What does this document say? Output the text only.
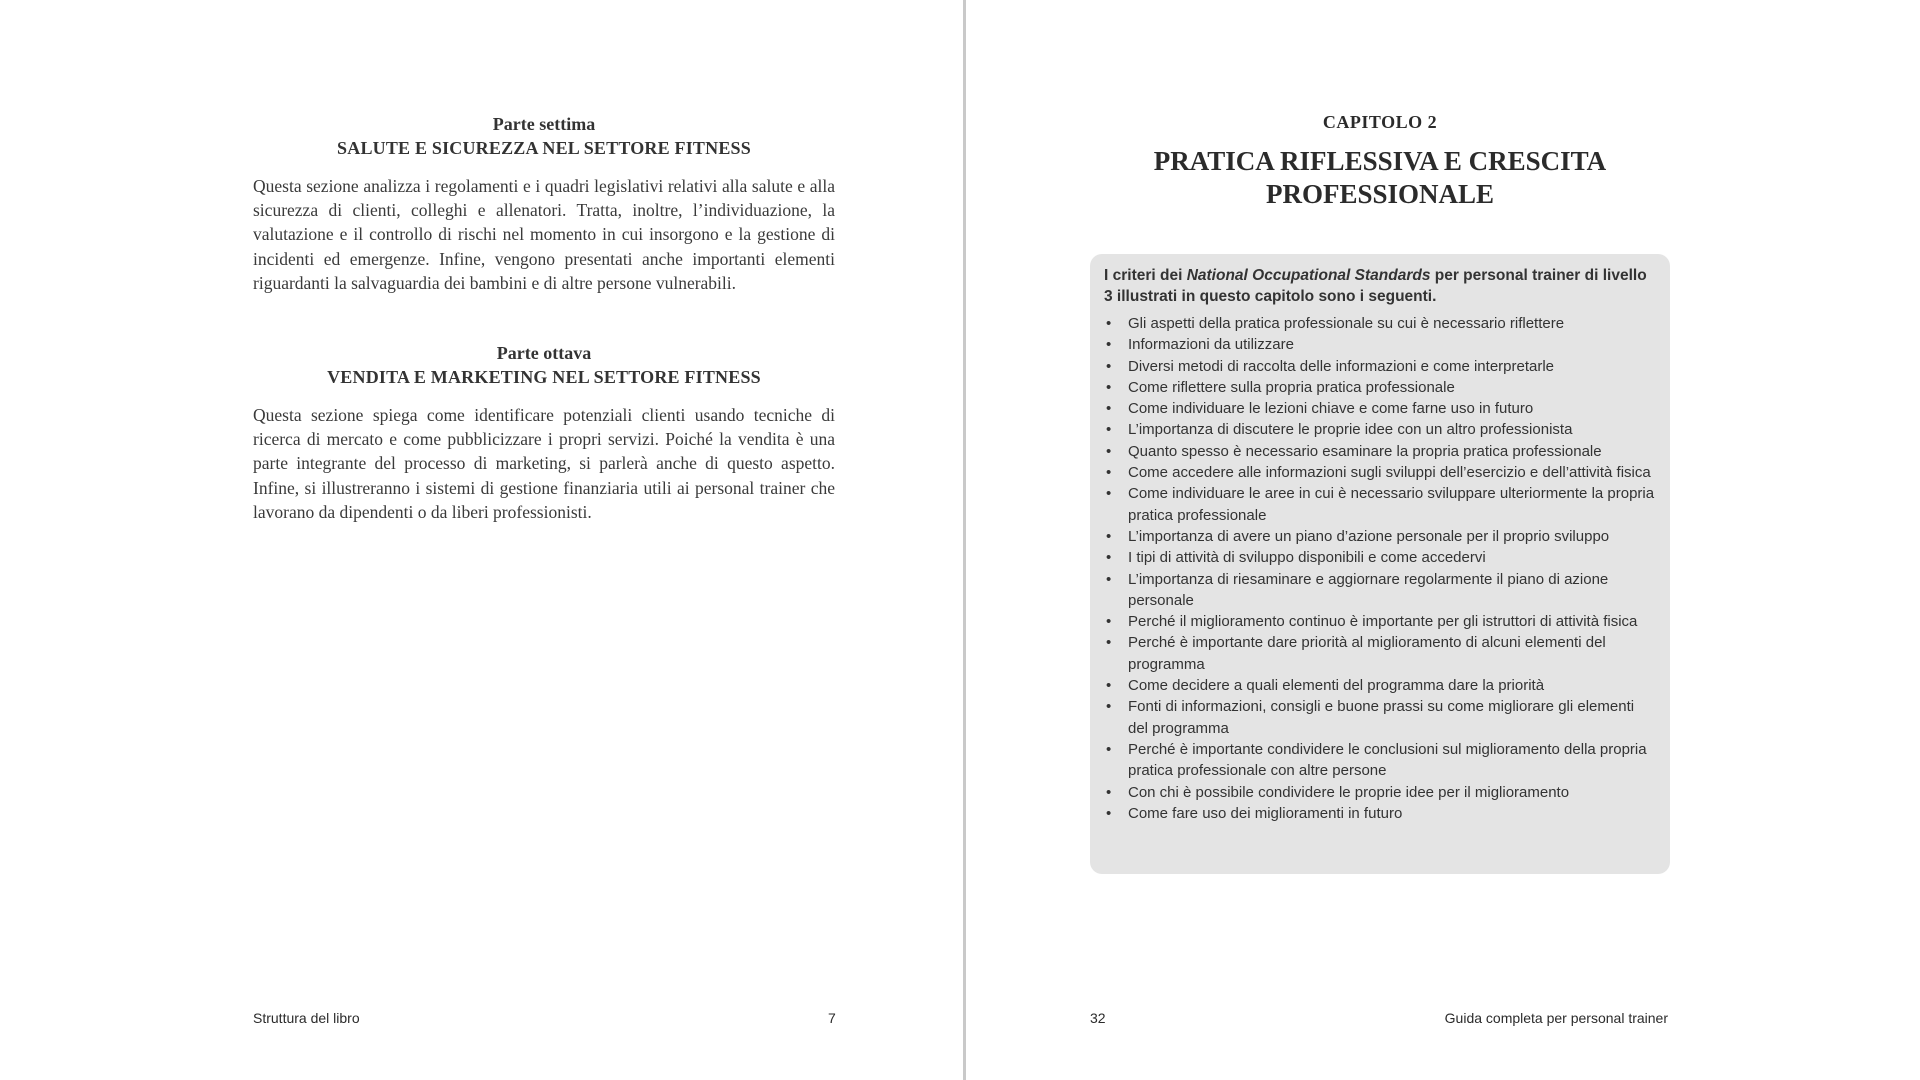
Parte settima
SALUTE E SICUREZZA NEL SETTORE FITNESS
Questa sezione analizza i regolamenti e i quadri legislativi relativi alla salute e alla sicurezza di clienti, colleghi e allenatori. Tratta, inoltre, l’individuazione, la valutazione e il controllo di rischi nel momento in cui insorgono e la gestione di incidenti ed emergenze. Infine, vengono presentati anche importanti elementi riguardanti la salvaguardia dei bambini e di altre persone vulnerabili.
Parte ottava
VENDITA E MARKETING NEL SETTORE FITNESS
Questa sezione spiega come identificare potenziali clienti usando tecniche di ricerca di mercato e come pubblicizzare i propri servizi. Poiché la vendita è una parte integrante del processo di marketing, si parlerà anche di questo aspetto. Infine, si illustreranno i sistemi di gestione finanziaria utili ai personal trainer che lavorano da dipendenti o da liberi professionisti.
Struttura del libro	7
CAPITOLO 2
PRATICA RIFLESSIVA E CRESCITA
PROFESSIONALE
I criteri dei National Occupational Standards per personal trainer di livello 3 illustrati in questo capitolo sono i seguenti.
• Gli aspetti della pratica professionale su cui è necessario riflettere
• Informazioni da utilizzare
• Diversi metodi di raccolta delle informazioni e come interpretarle
• Come riflettere sulla propria pratica professionale
• Come individuare le lezioni chiave e come farne uso in futuro
• L’importanza di discutere le proprie idee con un altro professionista
• Quanto spesso è necessario esaminare la propria pratica professionale
• Come accedere alle informazioni sugli sviluppi dell’esercizio e dell’attività fisica
• Come individuare le aree in cui è necessario sviluppare ulteriormente la propria pratica professionale
• L’importanza di avere un piano d’azione personale per il proprio sviluppo
• I tipi di attività di sviluppo disponibili e come accedervi
• L’importanza di riesaminare e aggiornare regolarmente il piano di azione personale
• Perché il miglioramento continuo è importante per gli istruttori di attività fisica
• Perché è importante dare priorità al miglioramento di alcuni elementi del programma
• Come decidere a quali elementi del programma dare la priorità
• Fonti di informazioni, consigli e buone prassi su come migliorare gli elementi del programma
• Perché è importante condividere le conclusioni sul miglioramento della propria pratica professionale con altre persone
• Con chi è possibile condividere le proprie idee per il miglioramento
• Come fare uso dei miglioramenti in futuro
32	Guida completa per personal trainer
